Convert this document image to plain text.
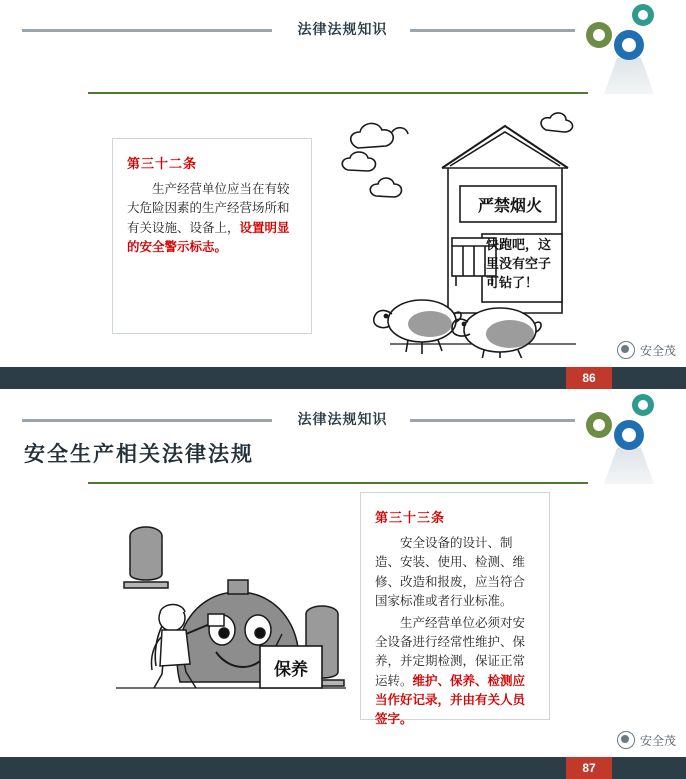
法律法规知识
第三十二条

生产经营单位应当在有较大危险因素的生产经营场所和有关设施、设备上，设置明显的安全警示标志。

严禁烟火
快跑吧，这里没有空子可钻了！
安全茂
86
法律法规知识
安全生产相关法律法规
第三十三条

安全设备的设计、制造、安装、使用、检测、维修、改造和报废，应当符合国家标准或者行业标准。

生产经营单位必须对安全设备进行经常性维护、保养，并定期检测，保证正常运转。维护、保养、检测应当作好记录，并由有关人员签字。

保养
安全茂
87
